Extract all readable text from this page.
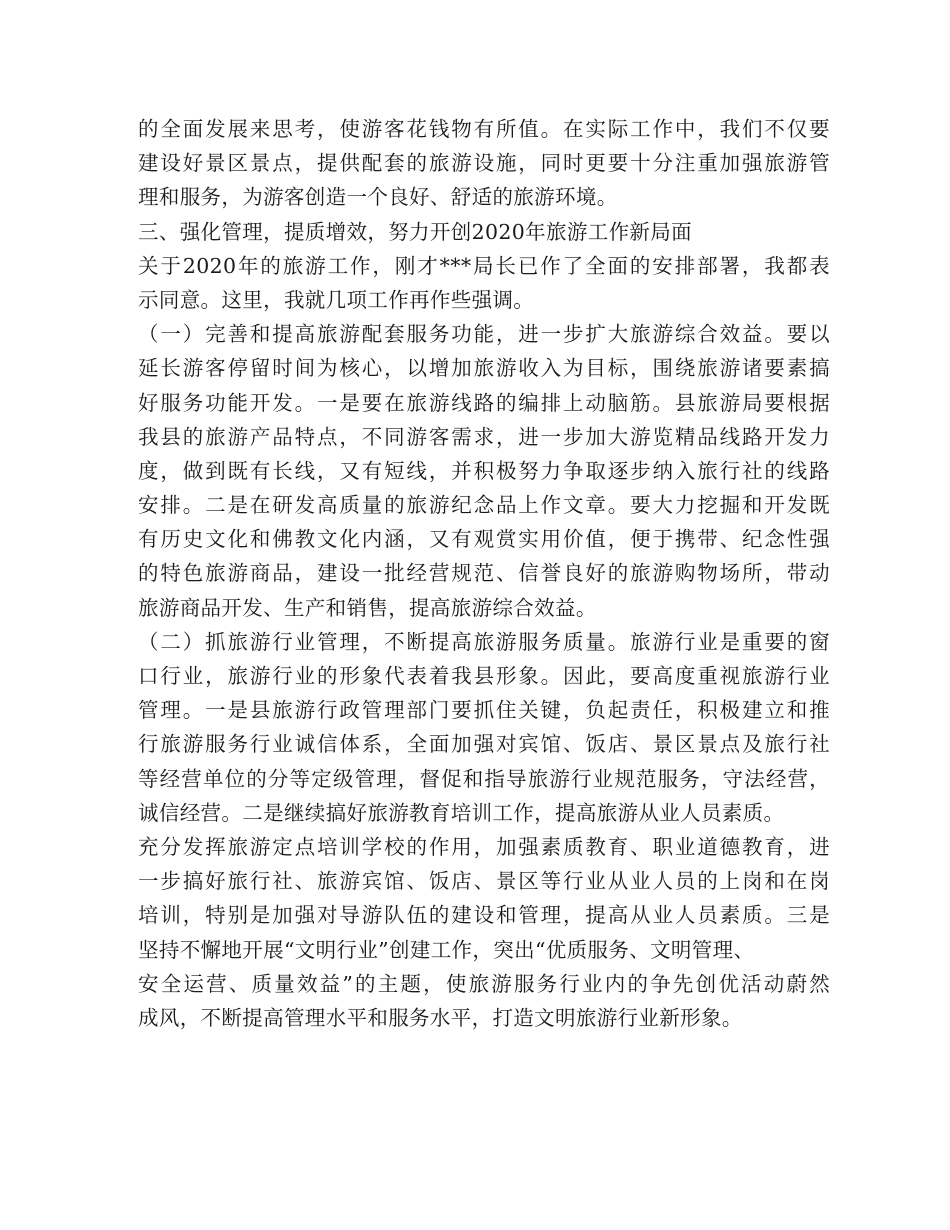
的全面发展来思考，使游客花钱物有所值。在实际工作中，我们不仅要
建设好景区景点，提供配套的旅游设施，同时更要十分注重加强旅游管
理和服务，为游客创造一个良好、舒适的旅游环境。
三、强化管理，提质增效，努力开创2020年旅游工作新局面
关于2020年的旅游工作，刚才***局长已作了全面的安排部署，我都表
示同意。这里，我就几项工作再作些强调。
（一）完善和提高旅游配套服务功能，进一步扩大旅游综合效益。要以
延长游客停留时间为核心，以增加旅游收入为目标，围绕旅游诸要素搞
好服务功能开发。一是要在旅游线路的编排上动脑筋。县旅游局要根据
我县的旅游产品特点，不同游客需求，进一步加大游览精品线路开发力
度，做到既有长线，又有短线，并积极努力争取逐步纳入旅行社的线路
安排。二是在研发高质量的旅游纪念品上作文章。要大力挖掘和开发既
有历史文化和佛教文化内涵，又有观赏实用价值，便于携带、纪念性强
的特色旅游商品，建设一批经营规范、信誉良好的旅游购物场所，带动
旅游商品开发、生产和销售，提高旅游综合效益。
（二）抓旅游行业管理，不断提高旅游服务质量。旅游行业是重要的窗
口行业，旅游行业的形象代表着我县形象。因此，要高度重视旅游行业
管理。一是县旅游行政管理部门要抓住关键，负起责任，积极建立和推
行旅游服务行业诚信体系，全面加强对宾馆、饭店、景区景点及旅行社
等经营单位的分等定级管理，督促和指导旅游行业规范服务，守法经营，
诚信经营。二是继续搞好旅游教育培训工作，提高旅游从业人员素质。
充分发挥旅游定点培训学校的作用，加强素质教育、职业道德教育，进
一步搞好旅行社、旅游宾馆、饭店、景区等行业从业人员的上岗和在岗
培训，特别是加强对导游队伍的建设和管理，提高从业人员素质。三是
坚持不懈地开展“文明行业”创建工作，突出“优质服务、文明管理、
安全运营、质量效益”的主题，使旅游服务行业内的争先创优活动蔚然
成风，不断提高管理水平和服务水平，打造文明旅游行业新形象。
